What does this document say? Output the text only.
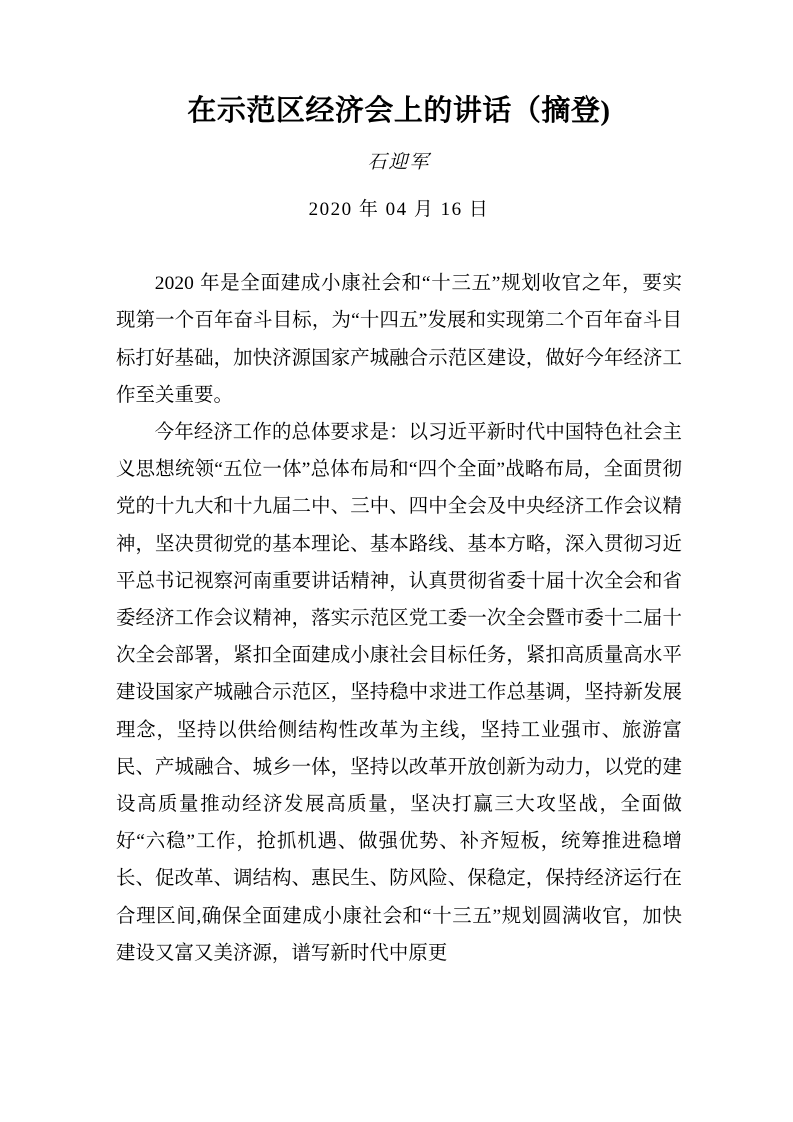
在示范区经济会上的讲话（摘登)

石迎军

2020 年 04 月 16 日

2020 年是全面建成小康社会和“十三五”规划收官之年，要实现第一个百年奋斗目标，为“十四五”发展和实现第二个百年奋斗目标打好基础，加快济源国家产城融合示范区建设，做好今年经济工作至关重要。

今年经济工作的总体要求是：以习近平新时代中国特色社会主义思想统领“五位一体”总体布局和“四个全面”战略布局，全面贯彻党的十九大和十九届二中、三中、四中全会及中央经济工作会议精神，坚决贯彻党的基本理论、基本路线、基本方略，深入贯彻习近平总书记视察河南重要讲话精神，认真贯彻省委十届十次全会和省委经济工作会议精神，落实示范区党工委一次全会暨市委十二届十次全会部署，紧扣全面建成小康社会目标任务，紧扣高质量高水平建设国家产城融合示范区，坚持稳中求进工作总基调，坚持新发展理念，坚持以供给侧结构性改革为主线，坚持工业强市、旅游富民、产城融合、城乡一体，坚持以改革开放创新为动力，以党的建设高质量推动经济发展高质量，坚决打赢三大攻坚战，全面做好“六稳”工作，抢抓机遇、做强优势、补齐短板，统筹推进稳增长、促改革、调结构、惠民生、防风险、保稳定，保持经济运行在合理区间,确保全面建成小康社会和“十三五”规划圆满收官，加快建设又富又美济源，谱写新时代中原更
